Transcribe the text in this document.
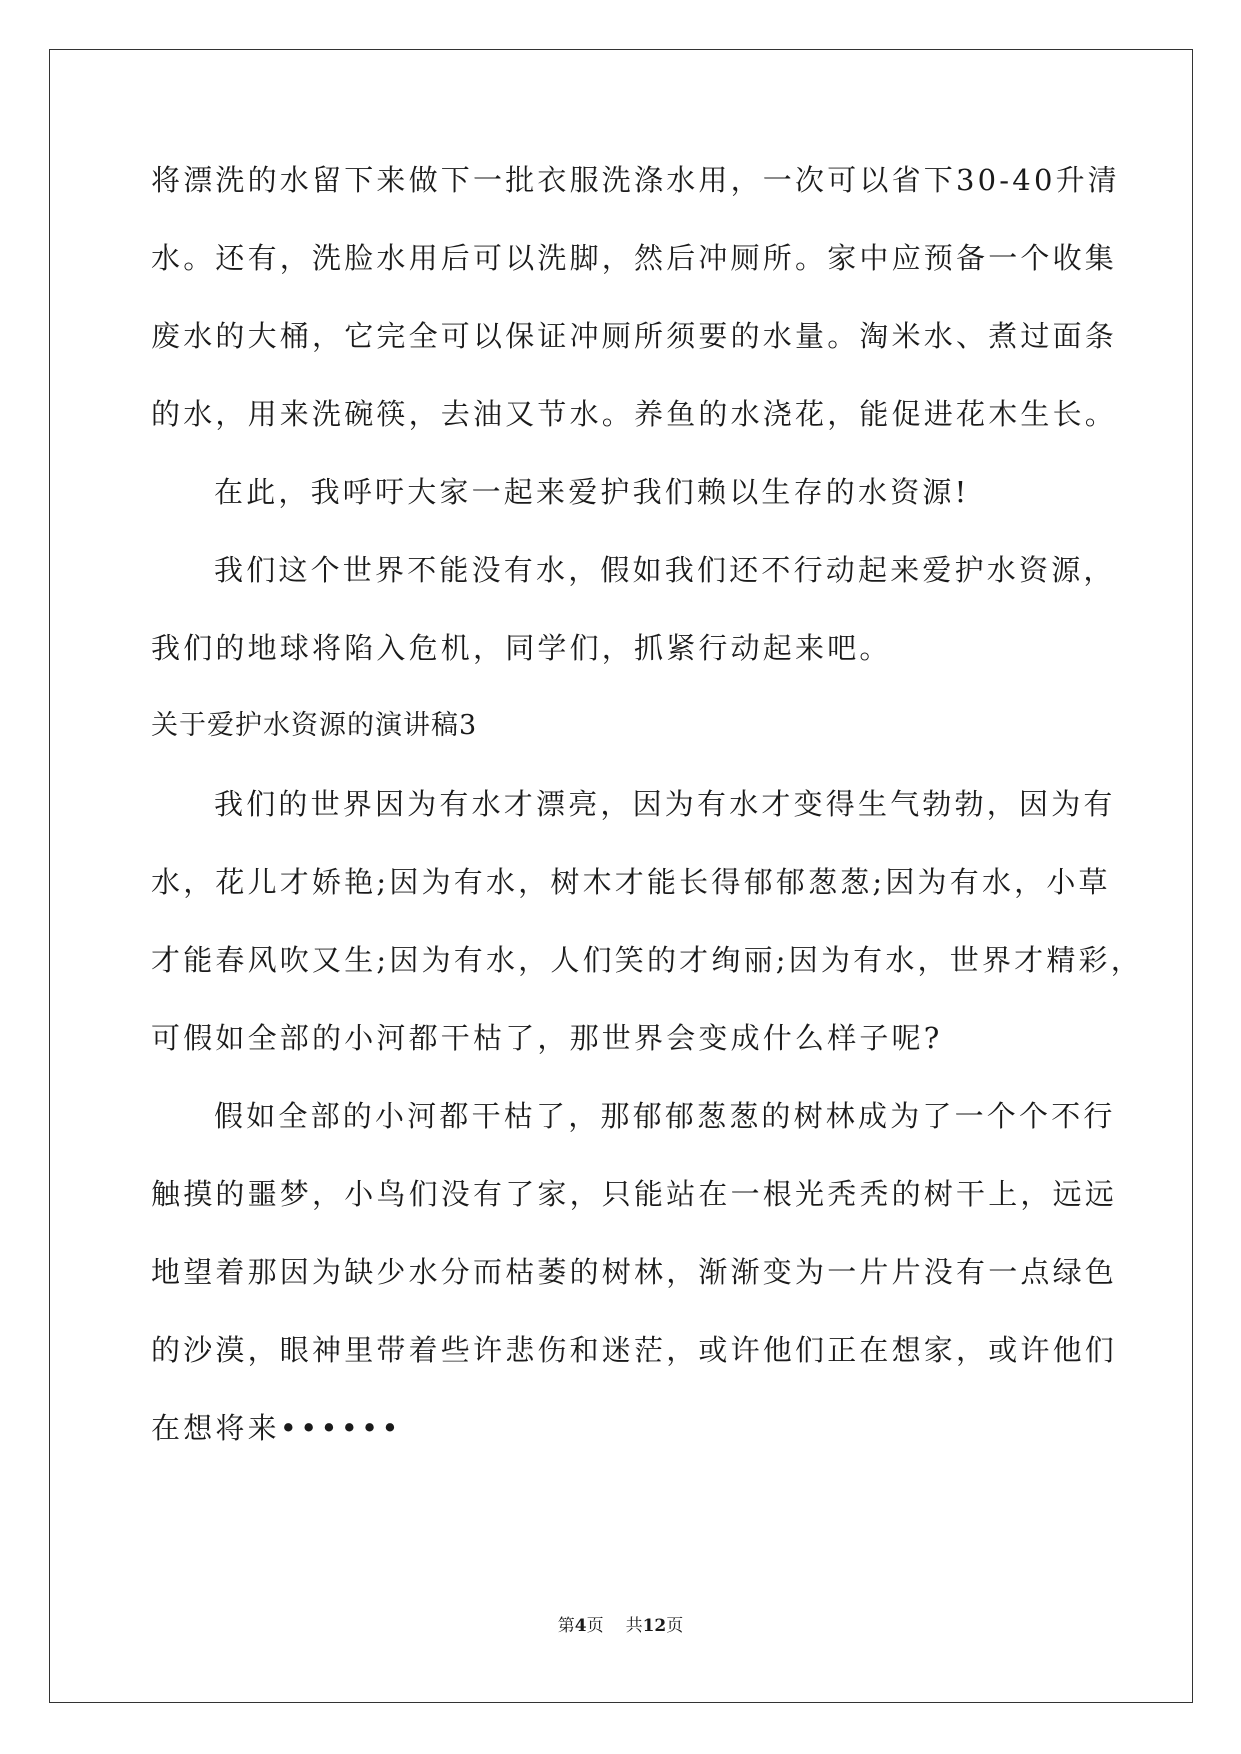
将漂洗的水留下来做下一批衣服洗涤水用，一次可以省下30-40升清
水。还有，洗脸水用后可以洗脚，然后冲厕所。家中应预备一个收集
废水的大桶，它完全可以保证冲厕所须要的水量。淘米水、煮过面条
的水，用来洗碗筷，去油又节水。养鱼的水浇花，能促进花木生长。
在此，我呼吁大家一起来爱护我们赖以生存的水资源!
我们这个世界不能没有水，假如我们还不行动起来爱护水资源，
我们的地球将陷入危机，同学们，抓紧行动起来吧。
关于爱护水资源的演讲稿3
我们的世界因为有水才漂亮，因为有水才变得生气勃勃，因为有
水，花儿才娇艳;因为有水，树木才能长得郁郁葱葱;因为有水，小草
才能春风吹又生;因为有水，人们笑的才绚丽;因为有水，世界才精彩，
可假如全部的小河都干枯了，那世界会变成什么样子呢?
假如全部的小河都干枯了，那郁郁葱葱的树林成为了一个个不行
触摸的噩梦，小鸟们没有了家，只能站在一根光秃秃的树干上，远远
地望着那因为缺少水分而枯萎的树林，渐渐变为一片片没有一点绿色
的沙漠，眼神里带着些许悲伤和迷茫，或许他们正在想家，或许他们
在想将来••••••
第4页 共12页
